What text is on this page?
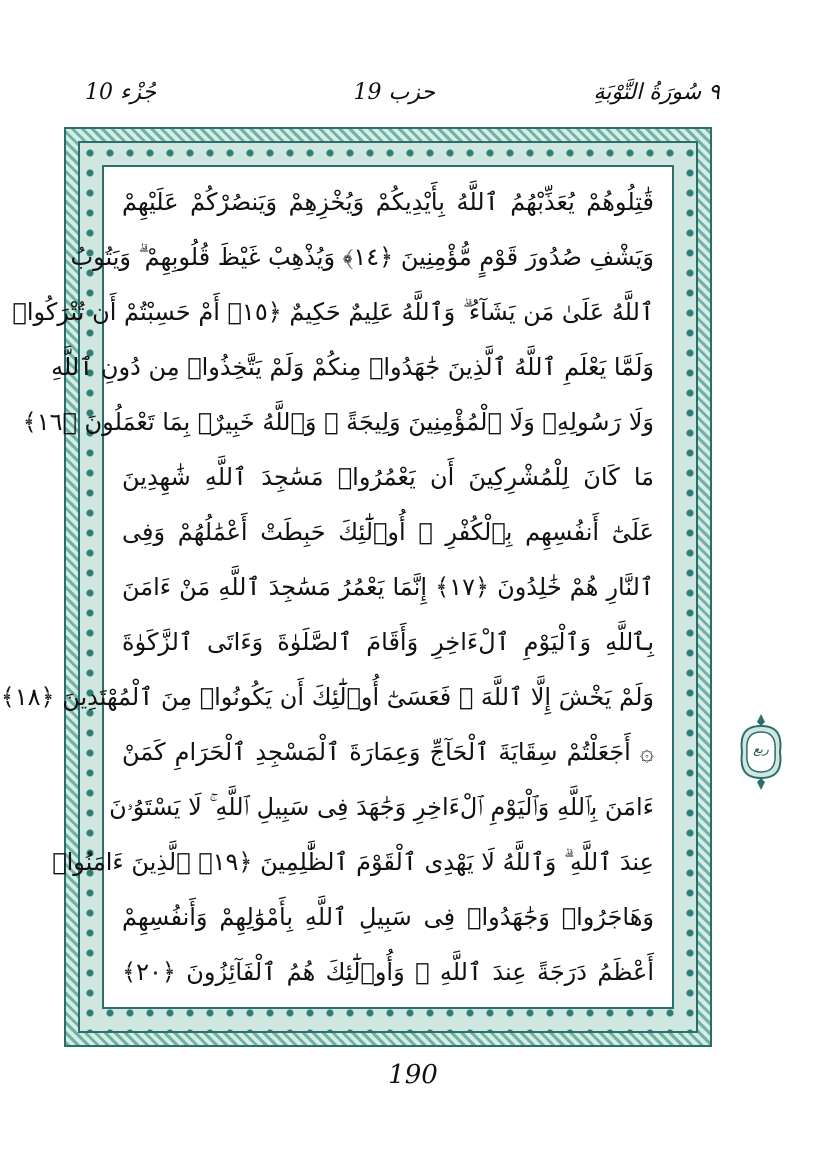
٩ سُورَةُ التَّوْبَةِ
حزب 19
جُزْء 10
قَٰتِلُوهُمْ يُعَذِّبْهُمُ ٱللَّهُ بِأَيْدِيكُمْ وَيُخْزِهِمْ وَيَنصُرْكُمْ عَلَيْهِمْ
وَيَشْفِ صُدُورَ قَوْمٍ مُّؤْمِنِينَ ﴿١٤﴾ وَيُذْهِبْ غَيْظَ قُلُوبِهِمْ ۗ وَيَتُوبُ
ٱللَّهُ عَلَىٰ مَن يَشَآءُ ۗ وَٱللَّهُ عَلِيمٌ حَكِيمٌ ﴿١٥﴾ أَمْ حَسِبْتُمْ أَن تُتْرَكُوا۟
وَلَمَّا يَعْلَمِ ٱللَّهُ ٱلَّذِينَ جَٰهَدُوا۟ مِنكُمْ وَلَمْ يَتَّخِذُوا۟ مِن دُونِ ٱللَّهِ
وَلَا رَسُولِهِۦ وَلَا ٱلْمُؤْمِنِينَ وَلِيجَةً ۚ وَٱللَّهُ خَبِيرٌۢ بِمَا تَعْمَلُونَ ﴿١٦﴾
مَا كَانَ لِلْمُشْرِكِينَ أَن يَعْمُرُوا۟ مَسَٰجِدَ ٱللَّهِ شَٰهِدِينَ
عَلَىٰٓ أَنفُسِهِم بِٱلْكُفْرِ ۚ أُو۟لَٰٓئِكَ حَبِطَتْ أَعْمَٰلُهُمْ وَفِى
ٱلنَّارِ هُمْ خَٰلِدُونَ ﴿١٧﴾ إِنَّمَا يَعْمُرُ مَسَٰجِدَ ٱللَّهِ مَنْ ءَامَنَ
بِٱللَّهِ وَٱلْيَوْمِ ٱلْءَاخِرِ وَأَقَامَ ٱلصَّلَوٰةَ وَءَاتَى ٱلزَّكَوٰةَ
وَلَمْ يَخْشَ إِلَّا ٱللَّهَ ۖ فَعَسَىٰٓ أُو۟لَٰٓئِكَ أَن يَكُونُوا۟ مِنَ ٱلْمُهْتَدِينَ ﴿١٨﴾
۞ أَجَعَلْتُمْ سِقَايَةَ ٱلْحَآجِّ وَعِمَارَةَ ٱلْمَسْجِدِ ٱلْحَرَامِ كَمَنْ
ءَامَنَ بِٱللَّهِ وَٱلْيَوْمِ ٱلْءَاخِرِ وَجَٰهَدَ فِى سَبِيلِ ٱللَّهِ ۚ لَا يَسْتَوُۥنَ
عِندَ ٱللَّهِ ۗ وَٱللَّهُ لَا يَهْدِى ٱلْقَوْمَ ٱلظَّٰلِمِينَ ﴿١٩﴾ ٱلَّذِينَ ءَامَنُوا۟
وَهَاجَرُوا۟ وَجَٰهَدُوا۟ فِى سَبِيلِ ٱللَّهِ بِأَمْوَٰلِهِمْ وَأَنفُسِهِمْ
أَعْظَمُ دَرَجَةً عِندَ ٱللَّهِ ۚ وَأُو۟لَٰٓئِكَ هُمُ ٱلْفَآئِزُونَ ﴿٢٠﴾
ربع
190
